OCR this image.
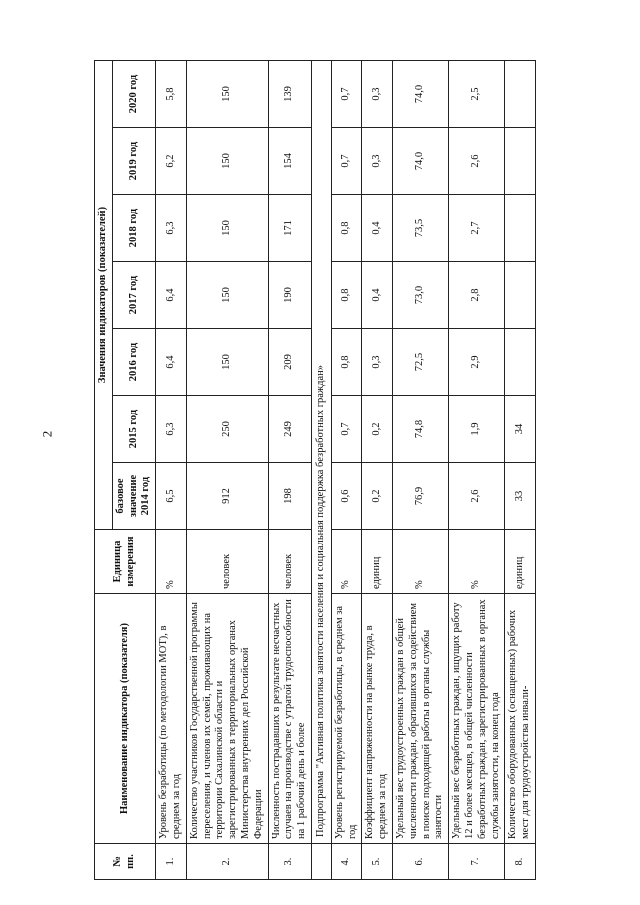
2
№ пп.	Наименование индикатора (показателя)	Единица измерения	Значения индикаторов (показателей)						
			базовое значение 2014 год	2015 год	2016 год	2017 год	2018 год	2019 год	2020 год
1.	Уровень безработицы (по методологии МОТ), в среднем за год	%	6,5	6,3	6,4	6,4	6,3	6,2	5,8
2.	Количество участников Государственной программы переселения, и членов их семей, проживающих на территории Сахалинской области и зарегистрированных в территориальных органах Министерства внутренних дел Российской Федерации	человек	912	250	150	150	150	150	150
3.	Численность пострадавших в результате несчастных случаев на производстве с утратой трудоспособности на 1 рабочий день и более	человек	198	249	209	190	171	154	139
	Подпрограмма "Активная политика занятости населения и социальная поддержка безработных граждан»								
4.	Уровень регистрируемой безработицы, в среднем за год	%	0,6	0,7	0,8	0,8	0,8	0,7	0,7
5.	Коэффициент напряженности на рынке труда, в среднем за год	единиц	0,2	0,2	0,3	0,4	0,4	0,3	0,3
6.	Удельный вес трудоустроенных граждан в общей численности граждан, обратившихся за содействием в поиске подходящей работы в органы службы занятости	%	76,9	74,8	72,5	73,0	73,5	74,0	74,0
7.	Удельный вес безработных граждан, ищущих работу 12 и более месяцев, в общей численности безработных граждан, зарегистрированных в органах службы занятости, на конец года	%	2,6	1,9	2,9	2,8	2,7	2,6	2,5
8.	Количество оборудованных (оснащенных) рабочих мест для трудоустройства инвали-	единиц	33	34					
